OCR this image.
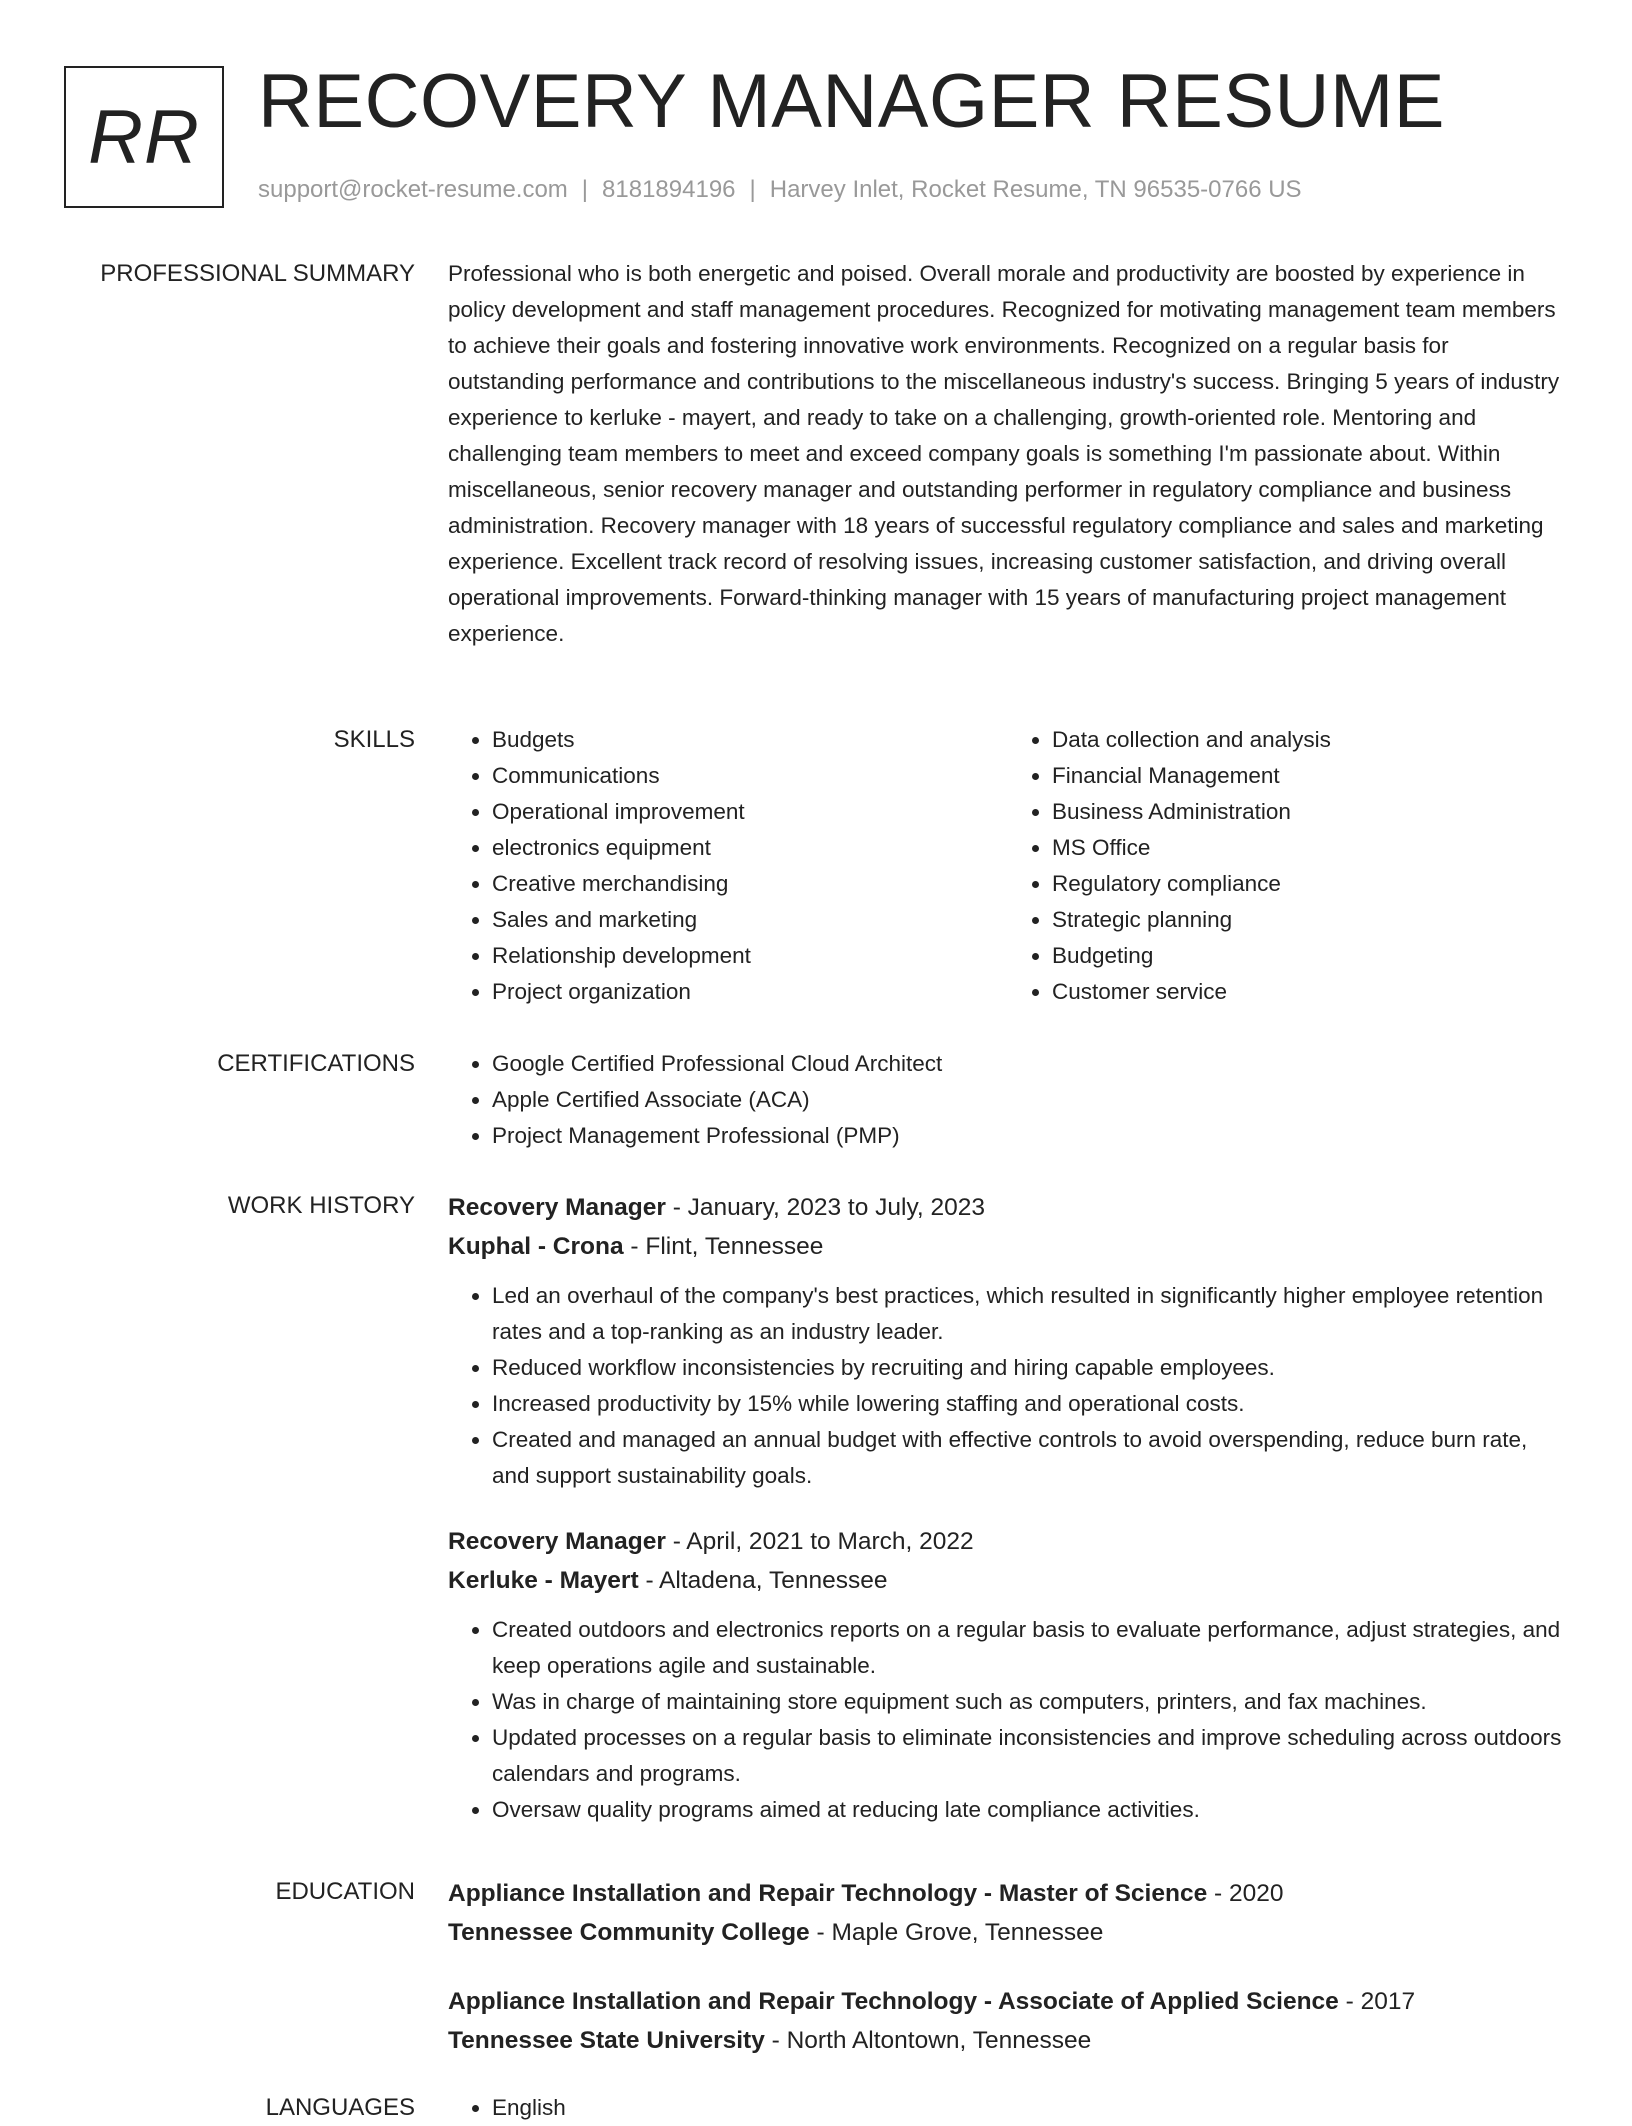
RR RECOVERY MANAGER RESUME
support@rocket-resume.com | 8181894196 | Harvey Inlet, Rocket Resume, TN 96535-0766 US
PROFESSIONAL SUMMARY Professional who is both energetic and poised. Overall morale and productivity are boosted by experience in policy development and staff management procedures. Recognized for motivating management team members to achieve their goals and fostering innovative work environments. Recognized on a regular basis for outstanding performance and contributions to the miscellaneous industry's success. Bringing 5 years of industry experience to kerluke - mayert, and ready to take on a challenging, growth-oriented role. Mentoring and challenging team members to meet and exceed company goals is something I'm passionate about. Within miscellaneous, senior recovery manager and outstanding performer in regulatory compliance and business administration. Recovery manager with 18 years of successful regulatory compliance and sales and marketing experience. Excellent track record of resolving issues, increasing customer satisfaction, and driving overall operational improvements. Forward-thinking manager with 15 years of manufacturing project management experience.
SKILLS	• Budgets
• Communications
• Operational improvement
• electronics equipment
• Creative merchandising
• Sales and marketing
• Relationship development
• Project organization
• Data collection and analysis
• Financial Management
• Business Administration
• MS Office
• Regulatory compliance
• Strategic planning
• Budgeting
• Customer service
CERTIFICATIONS	• Google Certified Professional Cloud Architect
• Apple Certified Associate (ACA)
• Project Management Professional (PMP)
WORK HISTORY Recovery Manager - January, 2023 to July, 2023
Kuphal - Crona - Flint, Tennessee
• Led an overhaul of the company's best practices, which resulted in significantly higher employee retention rates and a top-ranking as an industry leader.
• Reduced workflow inconsistencies by recruiting and hiring capable employees.
• Increased productivity by 15% while lowering staffing and operational costs.
• Created and managed an annual budget with effective controls to avoid overspending, reduce burn rate, and support sustainability goals.
Recovery Manager - April, 2021 to March, 2022
Kerluke - Mayert - Altadena, Tennessee
• Created outdoors and electronics reports on a regular basis to evaluate performance, adjust strategies, and keep operations agile and sustainable.
• Was in charge of maintaining store equipment such as computers, printers, and fax machines.
• Updated processes on a regular basis to eliminate inconsistencies and improve scheduling across outdoors calendars and programs.
• Oversaw quality programs aimed at reducing late compliance activities.
EDUCATION Appliance Installation and Repair Technology - Master of Science - 2020
Tennessee Community College - Maple Grove, Tennessee
Appliance Installation and Repair Technology - Associate of Applied Science - 2017
Tennessee State University - North Altontown, Tennessee
LANGUAGES	• English
